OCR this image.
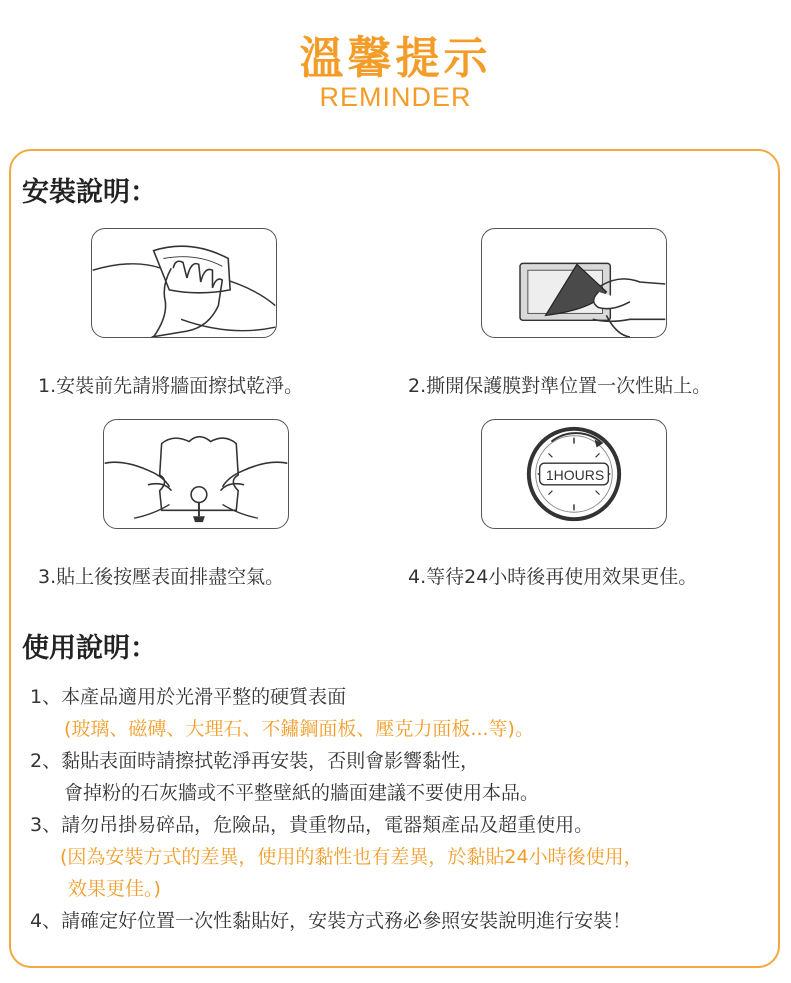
溫馨提示
REMINDER
安裝說明：
1.安裝前先請將牆面擦拭乾淨。	2.撕開保護膜對準位置一次性貼上。
1HOURS
3.貼上後按壓表面排盡空氣。	4.等待24小時後再使用效果更佳。
使用說明：
1、本產品適用於光滑平整的硬質表面
(玻璃、磁磚、大理石、不鏽鋼面板、壓克力面板...等)。
2、黏貼表面時請擦拭乾淨再安裝，否則會影響黏性，
會掉粉的石灰牆或不平整壁紙的牆面建議不要使用本品。
3、請勿吊掛易碎品，危險品，貴重物品，電器類產品及超重使用。
(因為安裝方式的差異，使用的黏性也有差異，於黏貼24小時後使用，
效果更佳。)
4、請確定好位置一次性黏貼好，安裝方式務必參照安裝說明進行安裝！
